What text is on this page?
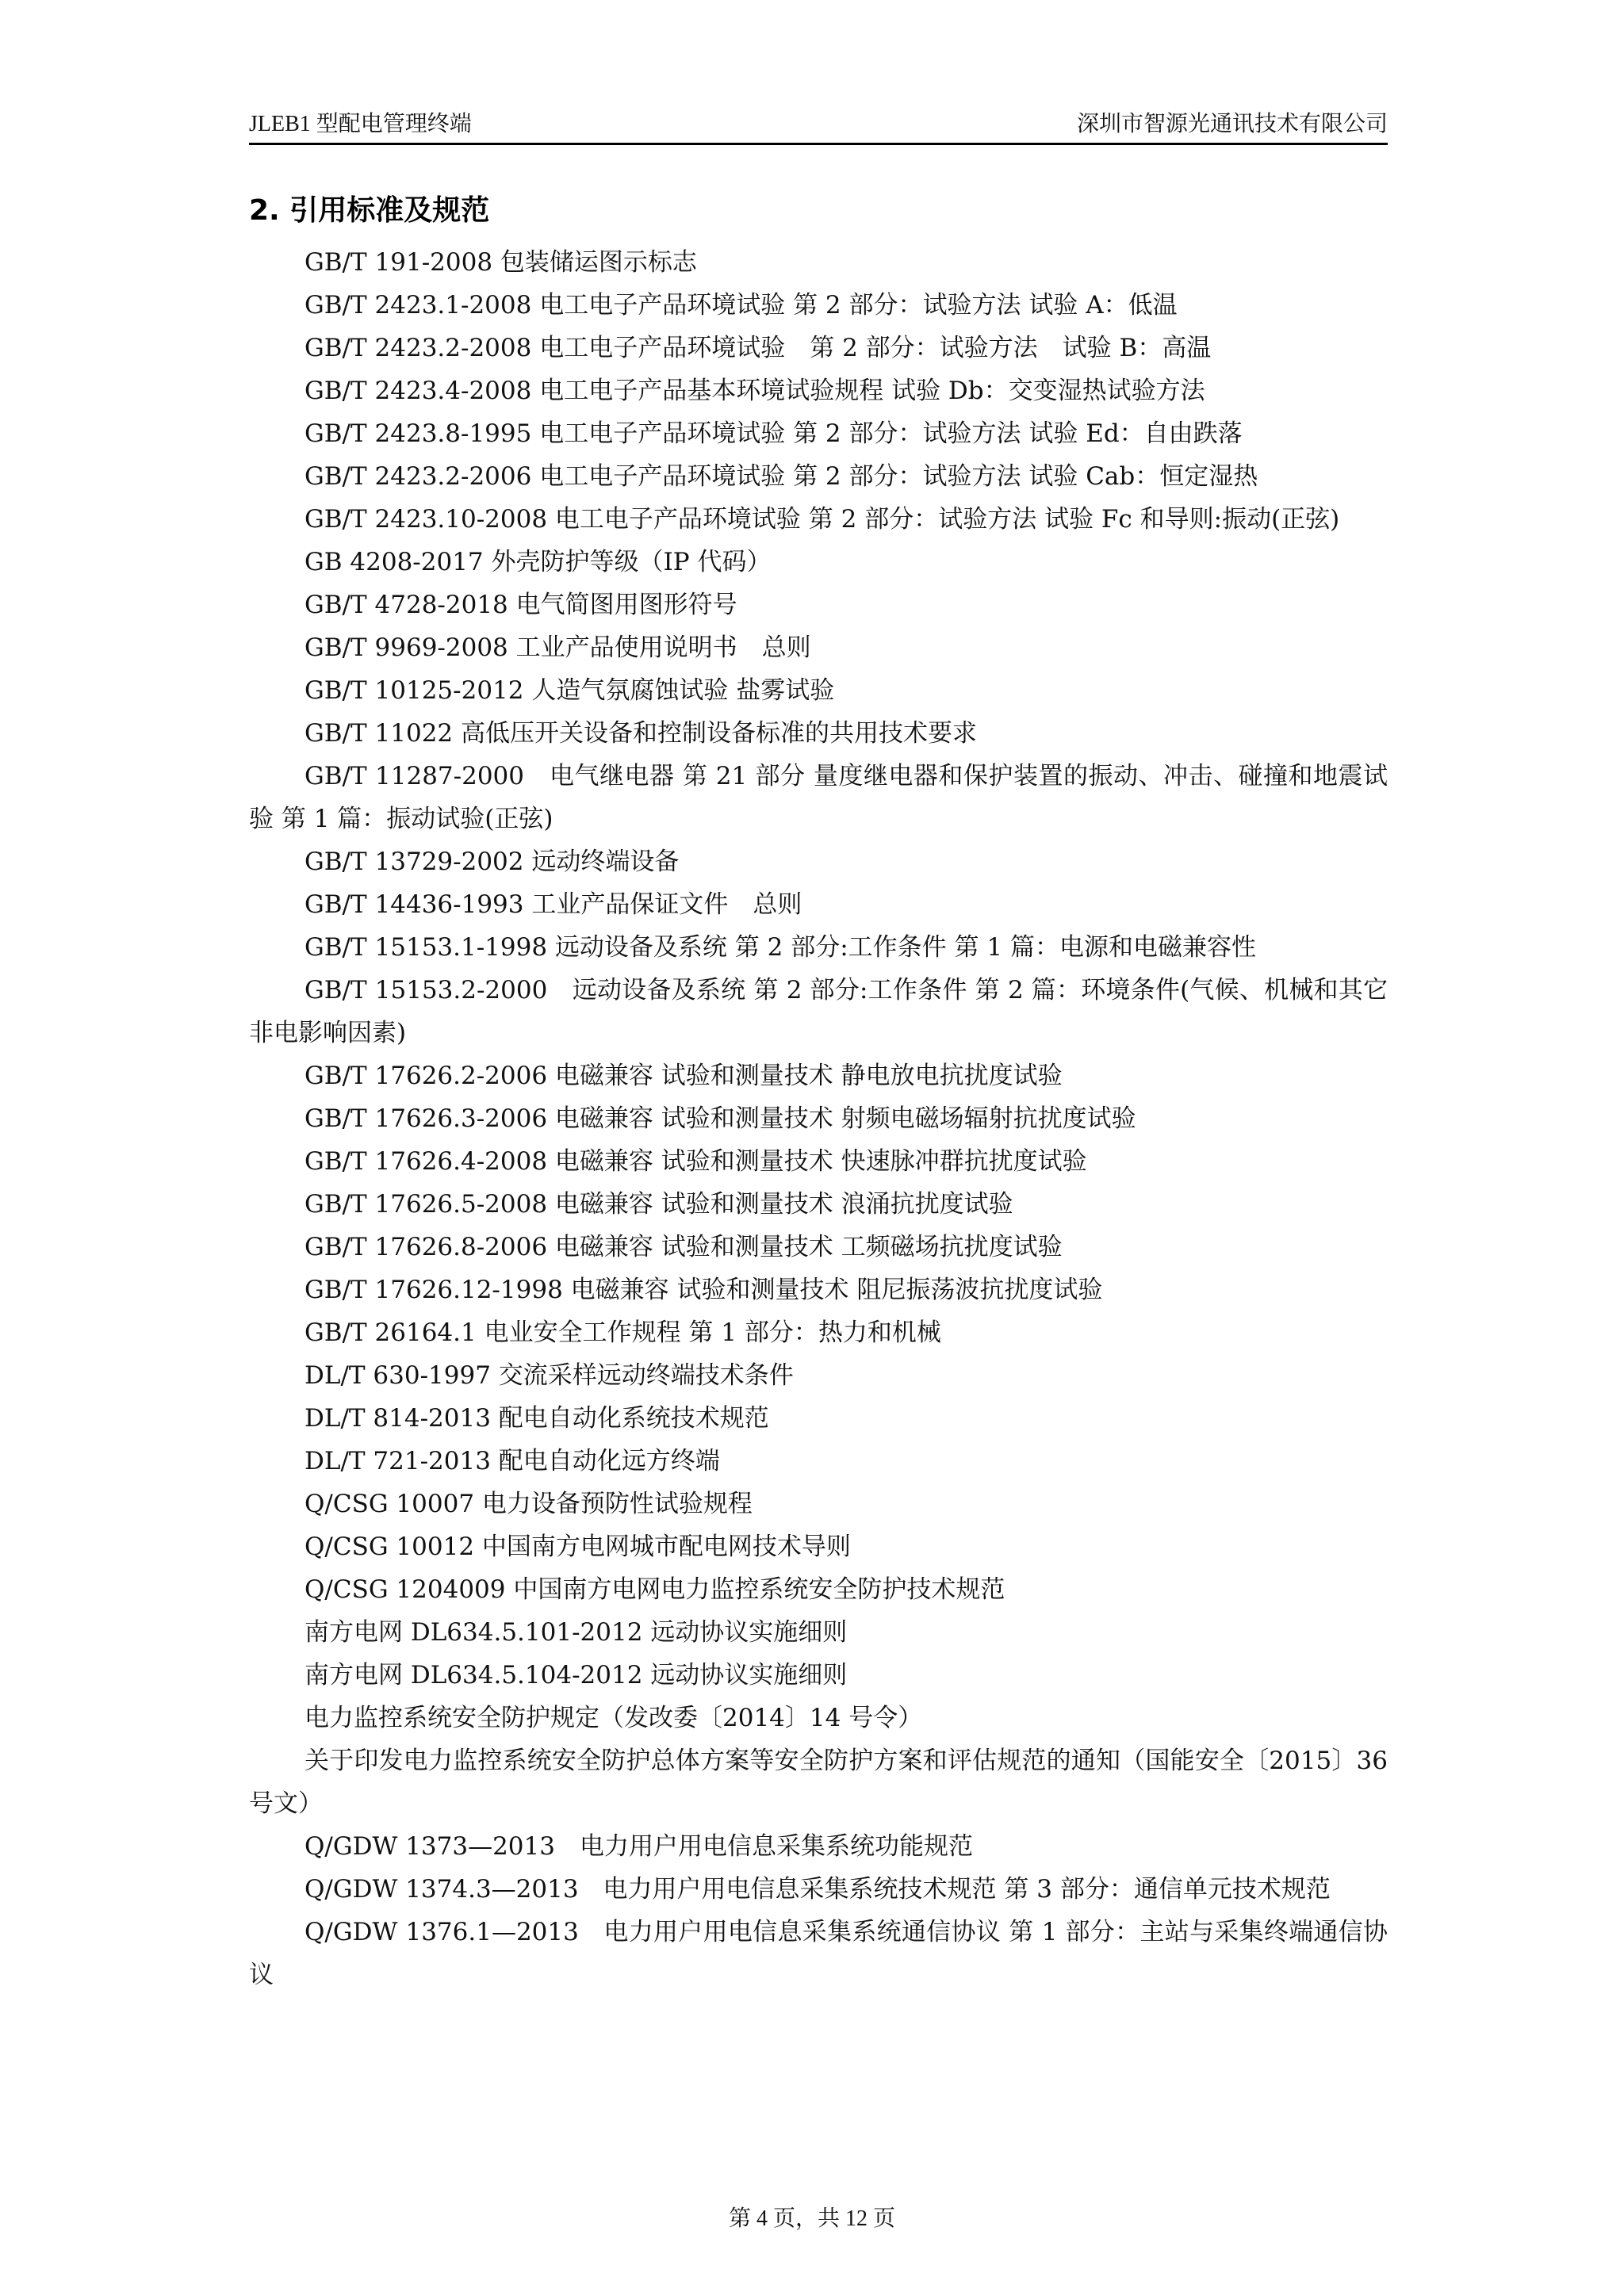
JLEB1 型配电管理终端	深圳市智源光通讯技术有限公司
2. 引用标准及规范
GB/T 191-2008 包装储运图示标志
GB/T 2423.1-2008 电工电子产品环境试验 第 2 部分：试验方法 试验 A：低温
GB/T 2423.2-2008 电工电子产品环境试验　第 2 部分：试验方法　试验 B：高温
GB/T 2423.4-2008 电工电子产品基本环境试验规程 试验 Db：交变湿热试验方法
GB/T 2423.8-1995 电工电子产品环境试验 第 2 部分：试验方法 试验 Ed：自由跌落
GB/T 2423.2-2006 电工电子产品环境试验 第 2 部分：试验方法 试验 Cab：恒定湿热
GB/T 2423.10-2008 电工电子产品环境试验 第 2 部分：试验方法 试验 Fc 和导则:振动(正弦)
GB 4208-2017 外壳防护等级（IP 代码）
GB/T 4728-2018 电气简图用图形符号
GB/T 9969-2008 工业产品使用说明书　总则
GB/T 10125-2012 人造气氛腐蚀试验 盐雾试验
GB/T 11022 高低压开关设备和控制设备标准的共用技术要求
GB/T 11287-2000　电气继电器 第 21 部分 量度继电器和保护装置的振动、冲击、碰撞和地震试验 第 1 篇：振动试验(正弦)
GB/T 13729-2002 远动终端设备
GB/T 14436-1993 工业产品保证文件　总则
GB/T 15153.1-1998 远动设备及系统 第 2 部分:工作条件 第 1 篇：电源和电磁兼容性
GB/T 15153.2-2000　远动设备及系统 第 2 部分:工作条件 第 2 篇：环境条件(气候、机械和其它非电影响因素)
GB/T 17626.2-2006 电磁兼容 试验和测量技术 静电放电抗扰度试验
GB/T 17626.3-2006 电磁兼容 试验和测量技术 射频电磁场辐射抗扰度试验
GB/T 17626.4-2008 电磁兼容 试验和测量技术 快速脉冲群抗扰度试验
GB/T 17626.5-2008 电磁兼容 试验和测量技术 浪涌抗扰度试验
GB/T 17626.8-2006 电磁兼容 试验和测量技术 工频磁场抗扰度试验
GB/T 17626.12-1998 电磁兼容 试验和测量技术 阻尼振荡波抗扰度试验
GB/T 26164.1 电业安全工作规程 第 1 部分：热力和机械
DL/T 630-1997 交流采样远动终端技术条件
DL/T 814-2013 配电自动化系统技术规范
DL/T 721-2013 配电自动化远方终端
Q/CSG 10007 电力设备预防性试验规程
Q/CSG 10012 中国南方电网城市配电网技术导则
Q/CSG 1204009 中国南方电网电力监控系统安全防护技术规范
南方电网 DL634.5.101-2012 远动协议实施细则
南方电网 DL634.5.104-2012 远动协议实施细则
电力监控系统安全防护规定（发改委〔2014〕14 号令）
关于印发电力监控系统安全防护总体方案等安全防护方案和评估规范的通知（国能安全〔2015〕36 号文）
Q/GDW 1373—2013　电力用户用电信息采集系统功能规范
Q/GDW 1374.3—2013　电力用户用电信息采集系统技术规范 第 3 部分：通信单元技术规范
Q/GDW 1376.1—2013　电力用户用电信息采集系统通信协议 第 1 部分：主站与采集终端通信协议
第 4 页，共 12 页
